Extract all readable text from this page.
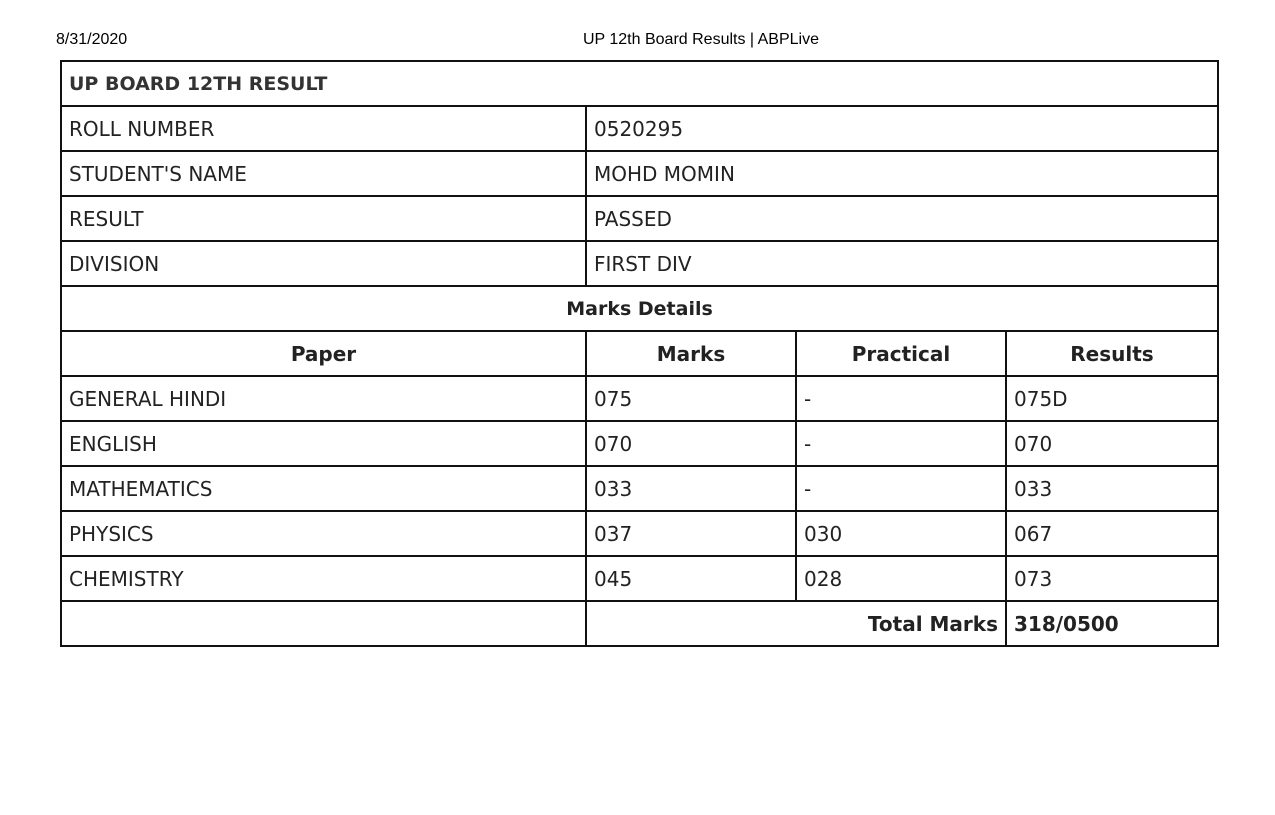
8/31/2020	UP 12th Board Results | ABPLive
UP BOARD 12TH RESULT			
ROLL NUMBER	0520295		
STUDENT'S NAME	MOHD MOMIN		
RESULT	PASSED		
DIVISION	FIRST DIV		
Marks Details			
Paper	Marks	Practical	Results
GENERAL HINDI	075	-	075D
ENGLISH	070	-	070
MATHEMATICS	033	-	033
PHYSICS	037	030	067
CHEMISTRY	045	028	073
	Total Marks		318/0500
